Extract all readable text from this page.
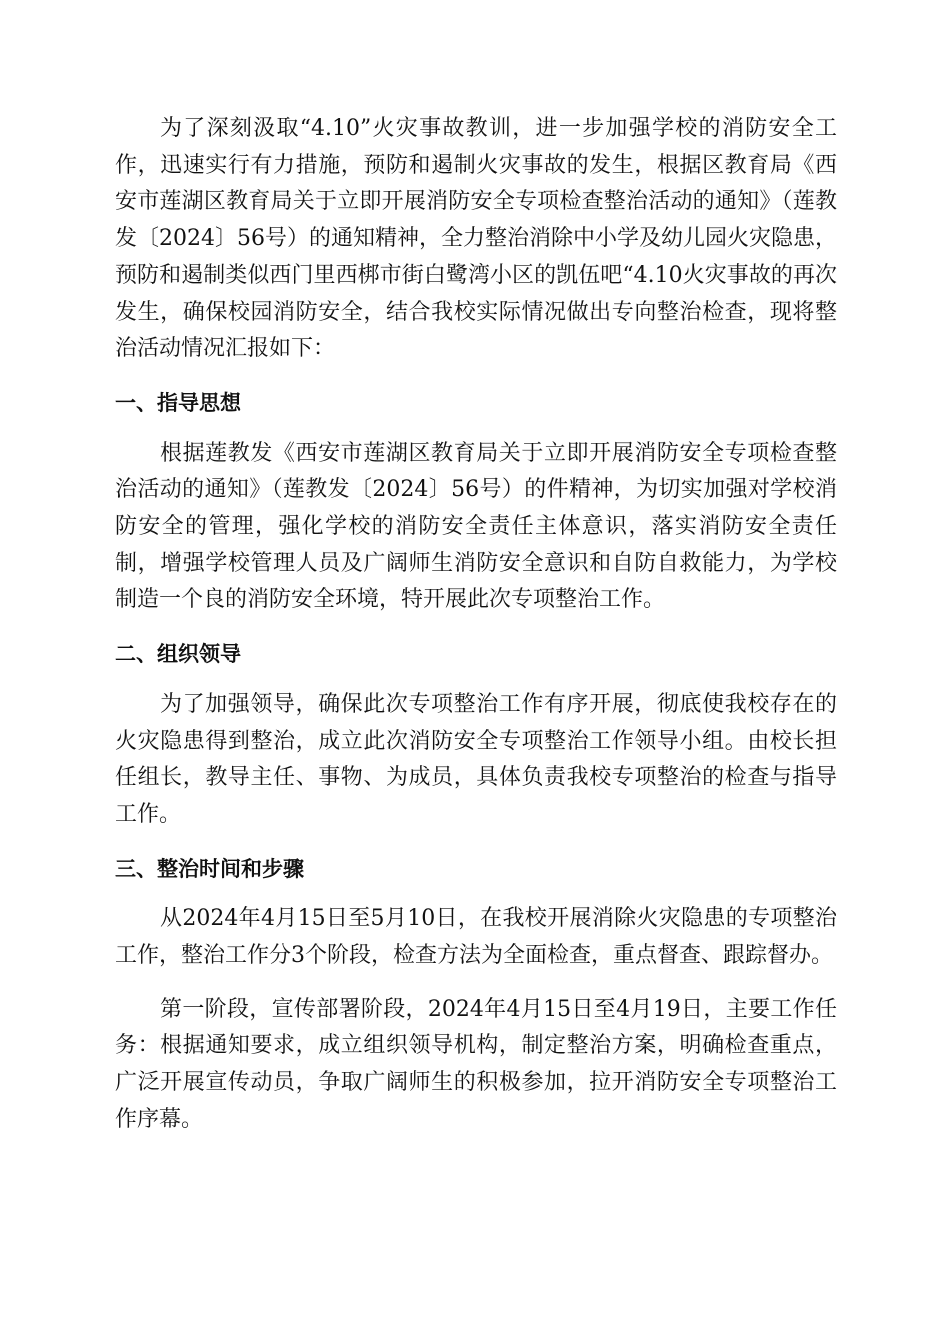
为了深刻汲取“4.10”火灾事故教训，进一步加强学校的消防安全工作，迅速实行有力措施，预防和遏制火灾事故的发生，根据区教育局《西安市莲湖区教育局关于立即开展消防安全专项检查整治活动的通知》（莲教发〔2024〕56号）的通知精神，全力整治消除中小学及幼儿园火灾隐患，预防和遏制类似西门里西梆市街白鹭湾小区的凯伍吧“4.10火灾事故的再次发生，确保校园消防安全，结合我校实际情况做出专向整治检查，现将整治活动情况汇报如下：

一、指导思想

根据莲教发《西安市莲湖区教育局关于立即开展消防安全专项检查整治活动的通知》（莲教发〔2024〕56号）的件精神，为切实加强对学校消防安全的管理，强化学校的消防安全责任主体意识，落实消防安全责任制，增强学校管理人员及广阔师生消防安全意识和自防自救能力，为学校制造一个良的消防安全环境，特开展此次专项整治工作。

二、组织领导

为了加强领导，确保此次专项整治工作有序开展，彻底使我校存在的火灾隐患得到整治，成立此次消防安全专项整治工作领导小组。由校长担任组长，教导主任、事物、为成员，具体负责我校专项整治的检查与指导工作。

三、整治时间和步骤

从2024年4月15日至5月10日，在我校开展消除火灾隐患的专项整治工作，整治工作分3个阶段，检查方法为全面检查，重点督查、跟踪督办。

第一阶段，宣传部署阶段，2024年4月15日至4月19日，主要工作任务：根据通知要求，成立组织领导机构，制定整治方案，明确检查重点，广泛开展宣传动员，争取广阔师生的积极参加，拉开消防安全专项整治工作序幕。
